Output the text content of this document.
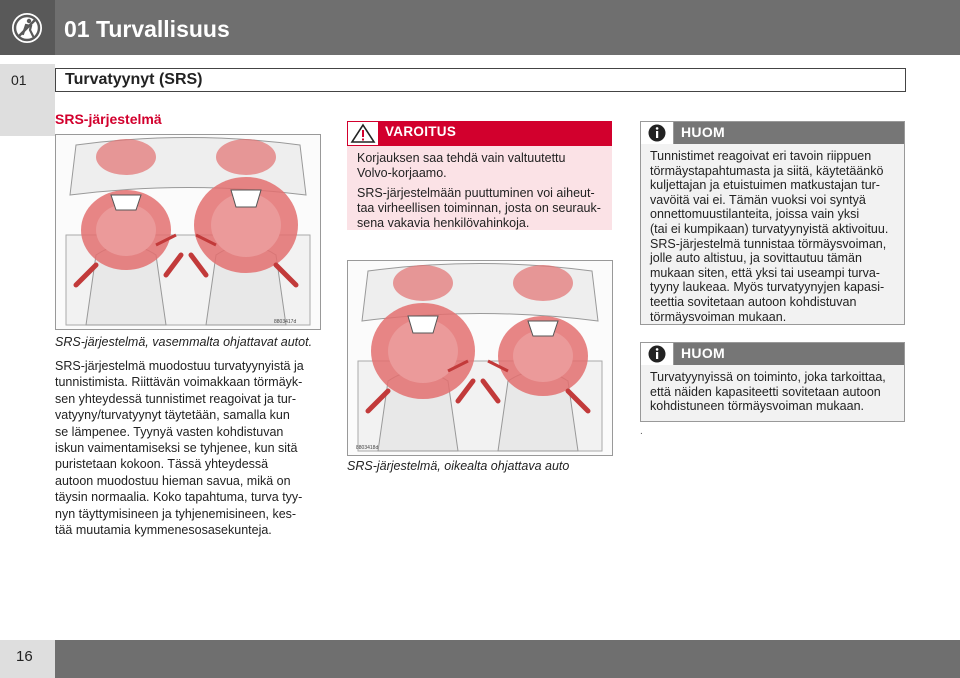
01 Turvallisuus
01 Turvatyynyt (SRS)
SRS-järjestelmä
8803417d
SRS-järjestelmä, vasemmalta ohjattavat autot.

SRS-järjestelmä muodostuu turvatyynyistä ja

tunnistimista. Riittävän voimakkaan törmäyk-

sen yhteydessä tunnistimet reagoivat ja tur-

vatyyny/turvatyynyt täytetään, samalla kun

se lämpenee. Tyynyä vasten kohdistuvan

iskun vaimentamiseksi se tyhjenee, kun sitä

puristetaan kokoon. Tässä yhteydessä

autoon muodostuu hieman savua, mikä on

täysin normaalia. Koko tapahtuma, turva tyy-

nyn täyttymisineen ja tyhjenemisineen, kes-

tää muutamia kymmenesosasekunteja.

VAROITUS

Korjauksen saa tehdä vain valtuutettu
Volvo-korjaamo.

SRS-järjestelmään puuttuminen voi aiheut-
taa virheellisen toiminnan, josta on seurauk-
sena vakavia henkilövahinkoja.

8803418d
SRS-järjestelmä, oikealta ohjattava auto
HUOM
Tunnistimet reagoivat eri tavoin riippuen
törmäystapahtumasta ja siitä, käytetäänkö
kuljettajan ja etuistuimen matkustajan tur-
vavöitä vai ei. Tämän vuoksi voi syntyä
onnettomuustilanteita, joissa vain yksi
(tai ei kumpikaan) turvatyynyistä aktivoituu.
SRS-järjestelmä tunnistaa törmäysvoiman,
jolle auto altistuu, ja sovittautuu tämän
mukaan siten, että yksi tai useampi turva-
tyyny laukeaa. Myös turvatyynyjen kapasi-
teettia sovitetaan autoon kohdistuvan
törmäysvoiman mukaan.
HUOM
Turvatyynyissä on toiminto, joka tarkoittaa,
että näiden kapasiteetti sovitetaan autoon
kohdistuneen törmäysvoiman mukaan.
.
16
